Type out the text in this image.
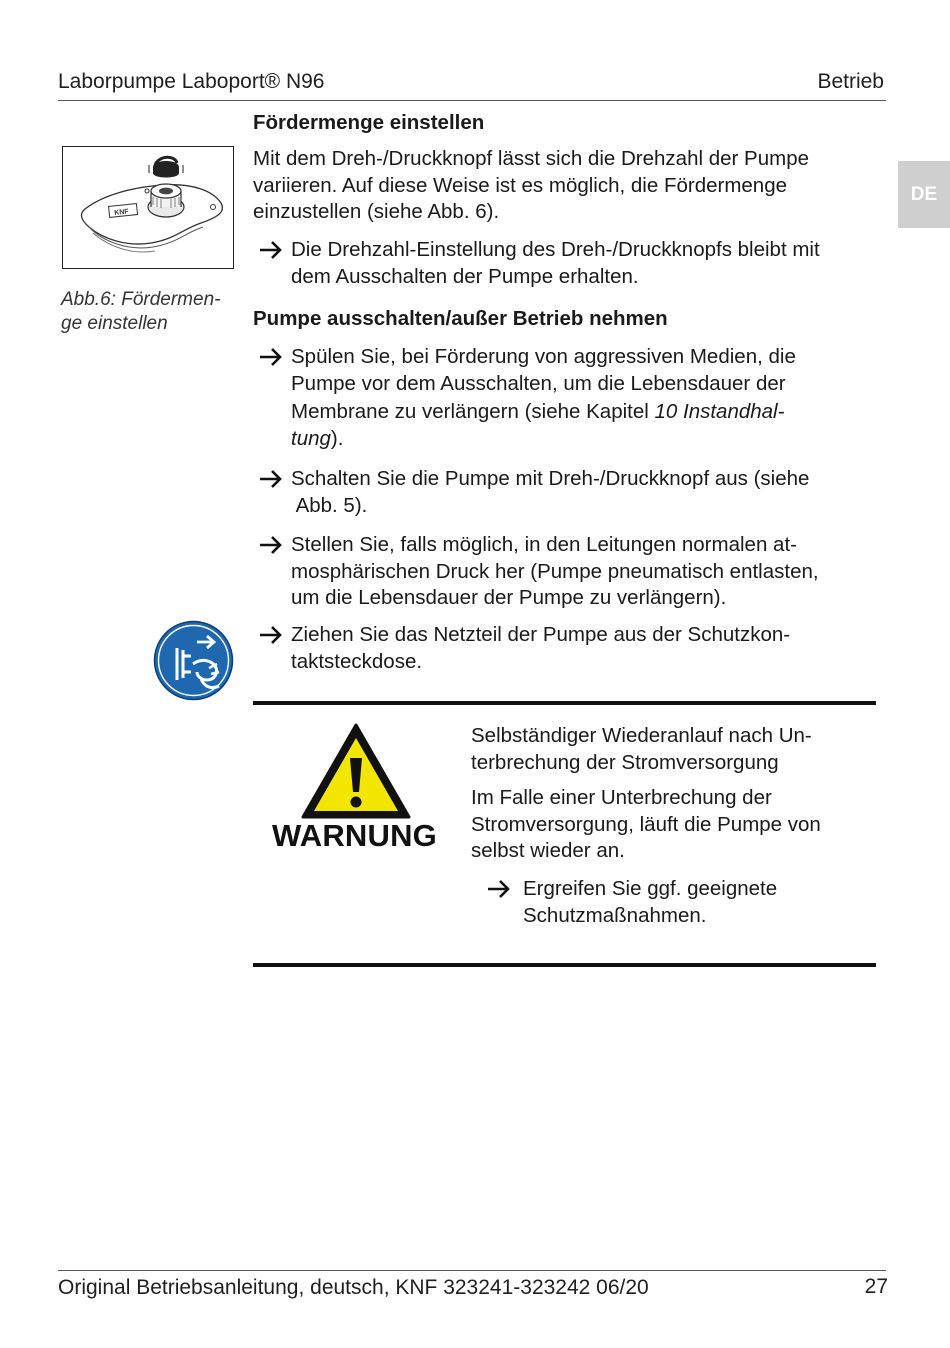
Laborpumpe Laboport® N96	Betrieb
DE
KNF
Abb.6: Fördermen-
ge einstellen
Fördermenge einstellen
Mit dem Dreh-/Druckknopf lässt sich die Drehzahl der Pumpe
variieren. Auf diese Weise ist es möglich, die Fördermenge
einzustellen (siehe Abb. 6).
Die Drehzahl-Einstellung des Dreh-/Druckknopfs bleibt mit
dem Ausschalten der Pumpe erhalten.
Pumpe ausschalten/außer Betrieb nehmen
Spülen Sie, bei Förderung von aggressiven Medien, die
Pumpe vor dem Ausschalten, um die Lebensdauer der
Membrane zu verlängern (siehe Kapitel 10 Instandhal-
tung).
Schalten Sie die Pumpe mit Dreh-/Druckknopf aus (siehe
Abb. 5).
Stellen Sie, falls möglich, in den Leitungen normalen at-
mosphärischen Druck her (Pumpe pneumatisch entlasten,
um die Lebensdauer der Pumpe zu verlängern).
Ziehen Sie das Netzteil der Pumpe aus der Schutzkon-
taktsteckdose.
WARNUNG
Selbständiger Wiederanlauf nach Un-
terbrechung der Stromversorgung
Im Falle einer Unterbrechung der
Stromversorgung, läuft die Pumpe von
selbst wieder an.
Ergreifen Sie ggf. geeignete
Schutzmaßnahmen.
Original Betriebsanleitung, deutsch, KNF 323241-323242 06/20	27
